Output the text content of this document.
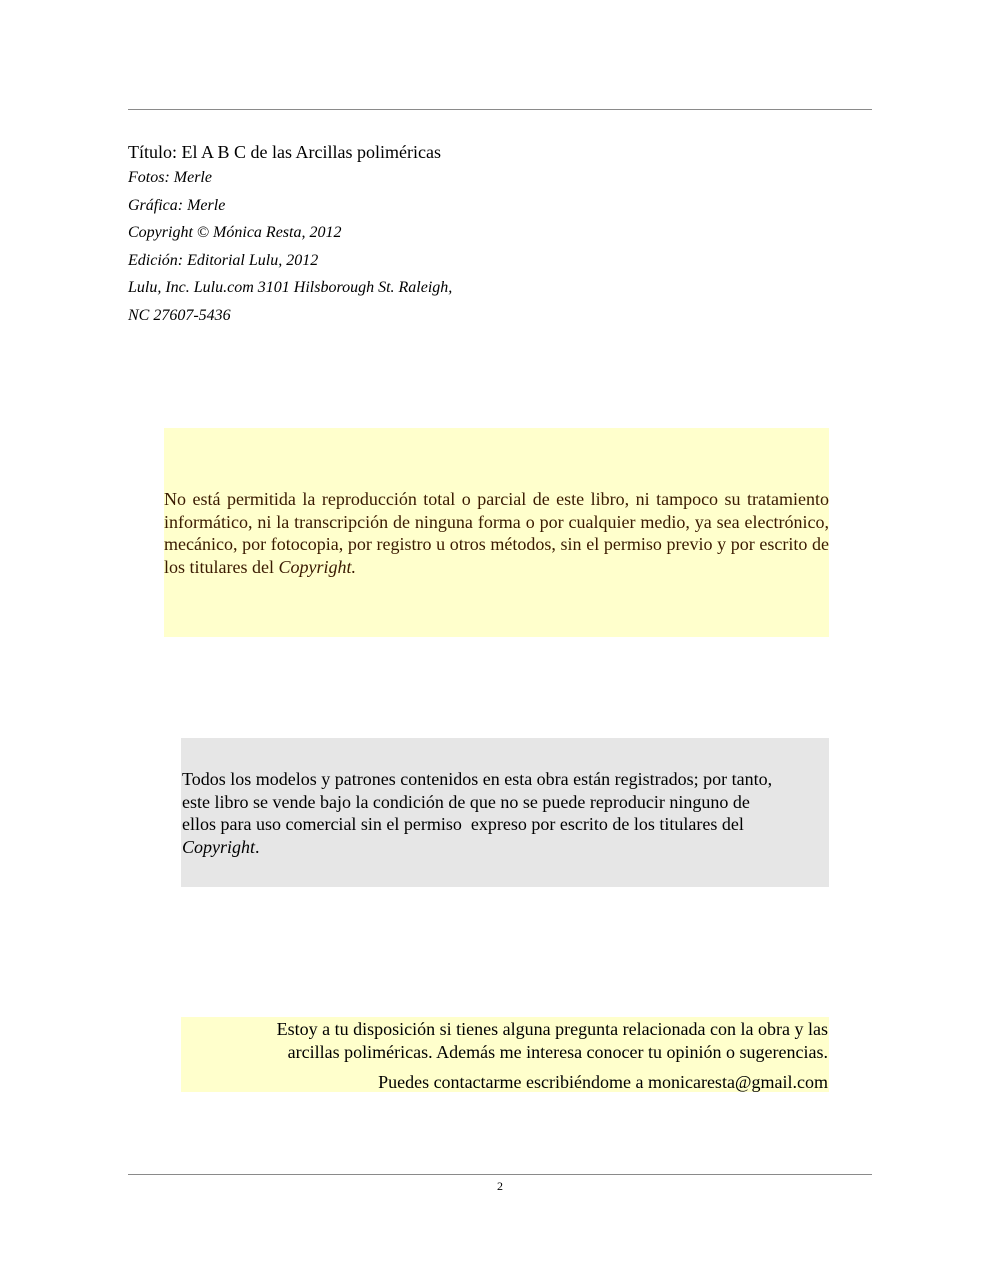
Título: El A B C de las Arcillas poliméricas

Fotos: Merle

Gráfica: Merle

Copyright © Mónica Resta, 2012

Edición: Editorial Lulu, 2012

Lulu, Inc. Lulu.com 3101 Hilsborough St. Raleigh,

NC 27607-5436

No está permitida la reproducción total o parcial de este libro, ni tampoco su tratamiento informático, ni la transcripción de ninguna forma o por cualquier medio, ya sea electrónico, mecánico, por fotocopia, por registro u otros métodos, sin el permiso previo y por escrito de los titulares del Copyright.

Todos los modelos y patrones contenidos en esta obra están registrados; por tanto,

este libro se vende bajo la condición de que no se puede reproducir ninguno de

ellos para uso comercial sin el permiso  expreso por escrito de los titulares del

Copyright.

Estoy a tu disposición si tienes alguna pregunta relacionada con la obra y las

arcillas poliméricas. Además me interesa conocer tu opinión o sugerencias.

Puedes contactarme escribiéndome a monicaresta@gmail.com

2
